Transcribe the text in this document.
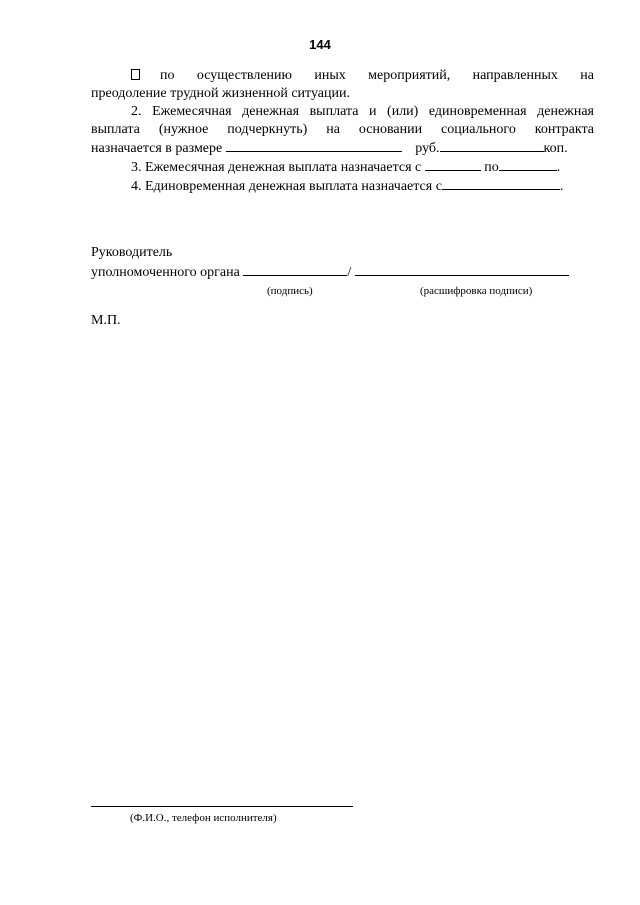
144

по осуществлению иных мероприятий, направленных на

преодоление трудной жизненной ситуации.

2. Ежемесячная денежная выплата и (или) единовременная денежная

выплата (нужное подчеркнуть) на основании социального контракта

назначается в размере	руб.	коп.

3. Ежемесячная денежная выплата назначается с	по	.

4. Единовременная денежная выплата назначается с	.

Руководитель
уполномоченного органа	/
(подпись)	(расшифровка подписи)
М.П.
(Ф.И.О., телефон исполнителя)
